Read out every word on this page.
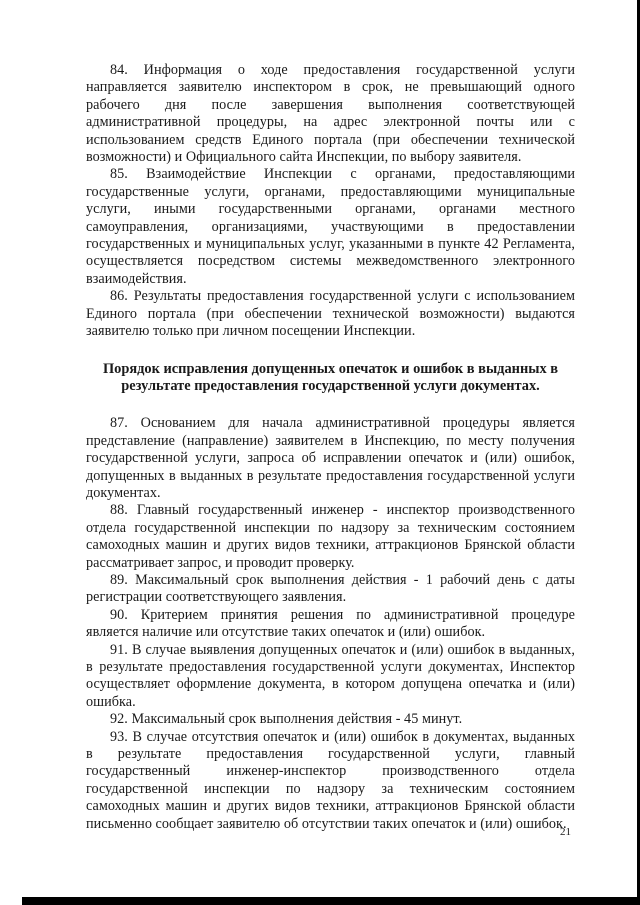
84. Информация о ходе предоставления государственной услуги направляется заявителю инспектором в срок, не превышающий одного рабочего дня после завершения выполнения соответствующей административной процедуры, на адрес электронной почты или с использованием средств Единого портала (при обеспечении технической возможности) и Официального сайта Инспекции, по выбору заявителя.

85. Взаимодействие Инспекции с органами, предоставляющими государственные услуги, органами, предоставляющими муниципальные услуги, иными государственными органами, органами местного самоуправления, организациями, участвующими в предоставлении государственных и муниципальных услуг, указанными в пункте 42 Регламента, осуществляется посредством системы межведомственного электронного взаимодействия.

86. Результаты предоставления государственной услуги с использованием Единого портала (при обеспечении технической возможности) выдаются заявителю только при личном посещении Инспекции.

Порядок исправления допущенных опечаток и ошибок в выданных в результате предоставления государственной услуги документах.

87. Основанием для начала административной процедуры является представление (направление) заявителем в Инспекцию, по месту получения государственной услуги, запроса об исправлении опечаток и (или) ошибок, допущенных в выданных в результате предоставления государственной услуги документах.

88. Главный государственный инженер - инспектор производственного отдела государственной инспекции по надзору за техническим состоянием самоходных машин и других видов техники, аттракционов Брянской области рассматривает запрос, и проводит проверку.

89. Максимальный срок выполнения действия - 1 рабочий день с даты регистрации соответствующего заявления.

90. Критерием принятия решения по административной процедуре является наличие или отсутствие таких опечаток и (или) ошибок.

91. В случае выявления допущенных опечаток и (или) ошибок в выданных, в результате предоставления государственной услуги документах, Инспектор осуществляет оформление документа, в котором допущена опечатка и (или) ошибка.

92. Максимальный срок выполнения действия - 45 минут.

93. В случае отсутствия опечаток и (или) ошибок в документах, выданных в результате предоставления государственной услуги, главный государственный инженер-инспектор производственного отдела государственной инспекции по надзору за техническим состоянием самоходных машин и других видов техники, аттракционов Брянской области письменно сообщает заявителю об отсутствии таких опечаток и (или) ошибок.

21
